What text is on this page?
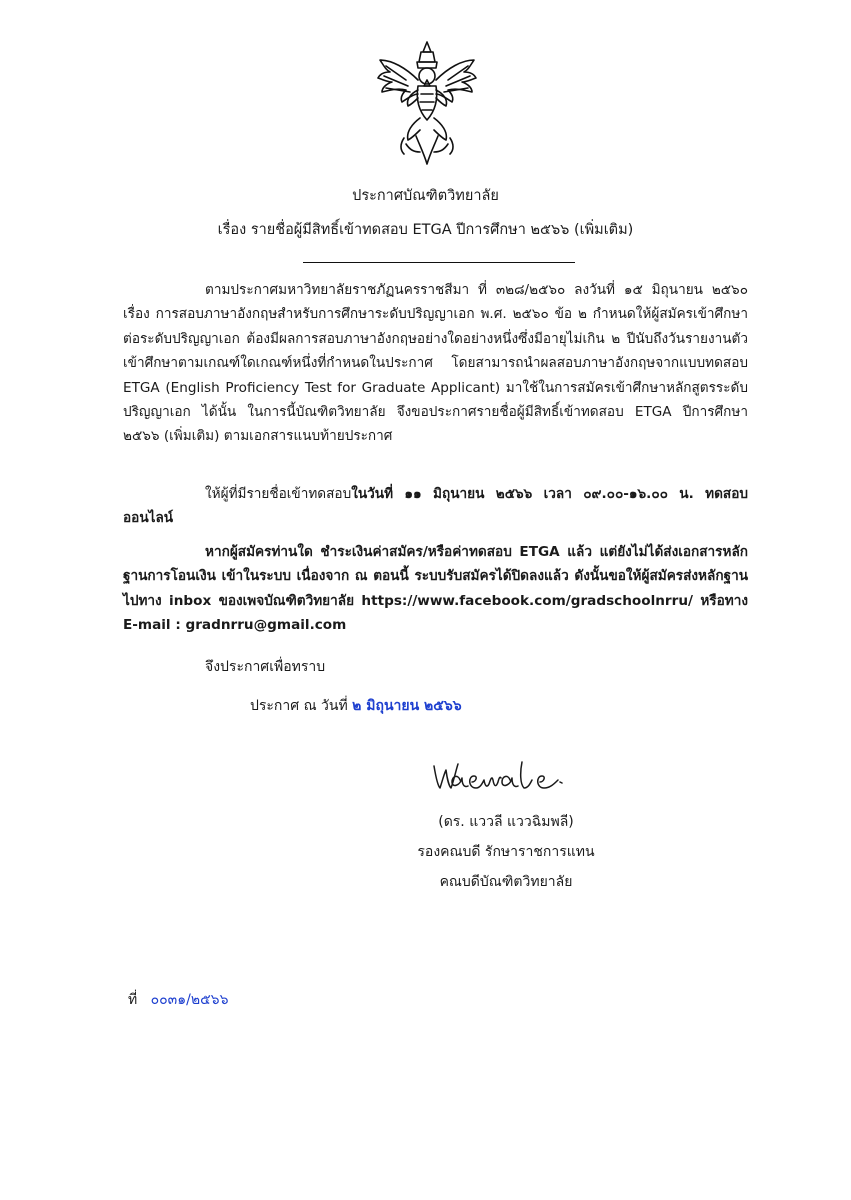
ประกาศบัณฑิตวิทยาลัย
เรื่อง รายชื่อผู้มีสิทธิ์เข้าทดสอบ ETGA ปีการศึกษา ๒๕๖๖ (เพิ่มเติม)
ตามประกาศมหาวิทยาลัยราชภัฏนครราชสีมา ที่ ๓๒๘/๒๕๖๐ ลงวันที่ ๑๕ มิถุนายน ๒๕๖๐ เรื่อง การสอบภาษาอังกฤษสำหรับการศึกษาระดับปริญญาเอก พ.ศ. ๒๕๖๐ ข้อ ๒ กำหนดให้ผู้สมัครเข้าศึกษาต่อระดับปริญญาเอก ต้องมีผลการสอบภาษาอังกฤษอย่างใดอย่างหนึ่งซึ่งมีอายุไม่เกิน ๒ ปีนับถึงวันรายงานตัวเข้าศึกษาตามเกณฑ์ใดเกณฑ์หนึ่งที่กำหนดในประกาศ โดยสามารถนำผลสอบภาษาอังกฤษจากแบบทดสอบ ETGA (English Proficiency Test for Graduate Applicant) มาใช้ในการสมัครเข้าศึกษาหลักสูตรระดับปริญญาเอก ได้นั้น ในการนี้บัณฑิตวิทยาลัย จึงขอประกาศรายชื่อผู้มีสิทธิ์เข้าทดสอบ ETGA ปีการศึกษา ๒๕๖๖ (เพิ่มเติม) ตามเอกสารแนบท้ายประกาศ
ให้ผู้ที่มีรายชื่อเข้าทดสอบในวันที่ ๑๑ มิถุนายน ๒๕๖๖ เวลา ๐๙.๐๐-๑๖.๐๐ น. ทดสอบออนไลน์
หากผู้สมัครท่านใด ชำระเงินค่าสมัคร/หรือค่าทดสอบ ETGA แล้ว แต่ยังไม่ได้ส่งเอกสารหลักฐานการโอนเงิน เข้าในระบบ เนื่องจาก ณ ตอนนี้ ระบบรับสมัครได้ปิดลงแล้ว ดังนั้นขอให้ผู้สมัครส่งหลักฐานไปทาง inbox ของเพจบัณฑิตวิทยาลัย https://www.facebook.com/gradschoolnrru/ หรือทาง E-mail : gradnrru@gmail.com
จึงประกาศเพื่อทราบ
ประกาศ ณ วันที่ ๒ มิถุนายน ๒๕๖๖
(ดร. แววลี แววฉิมพลี)
รองคณบดี รักษาราชการแทน
คณบดีบัณฑิตวิทยาลัย
ที่ ๐๐๓๑/๒๕๖๖
